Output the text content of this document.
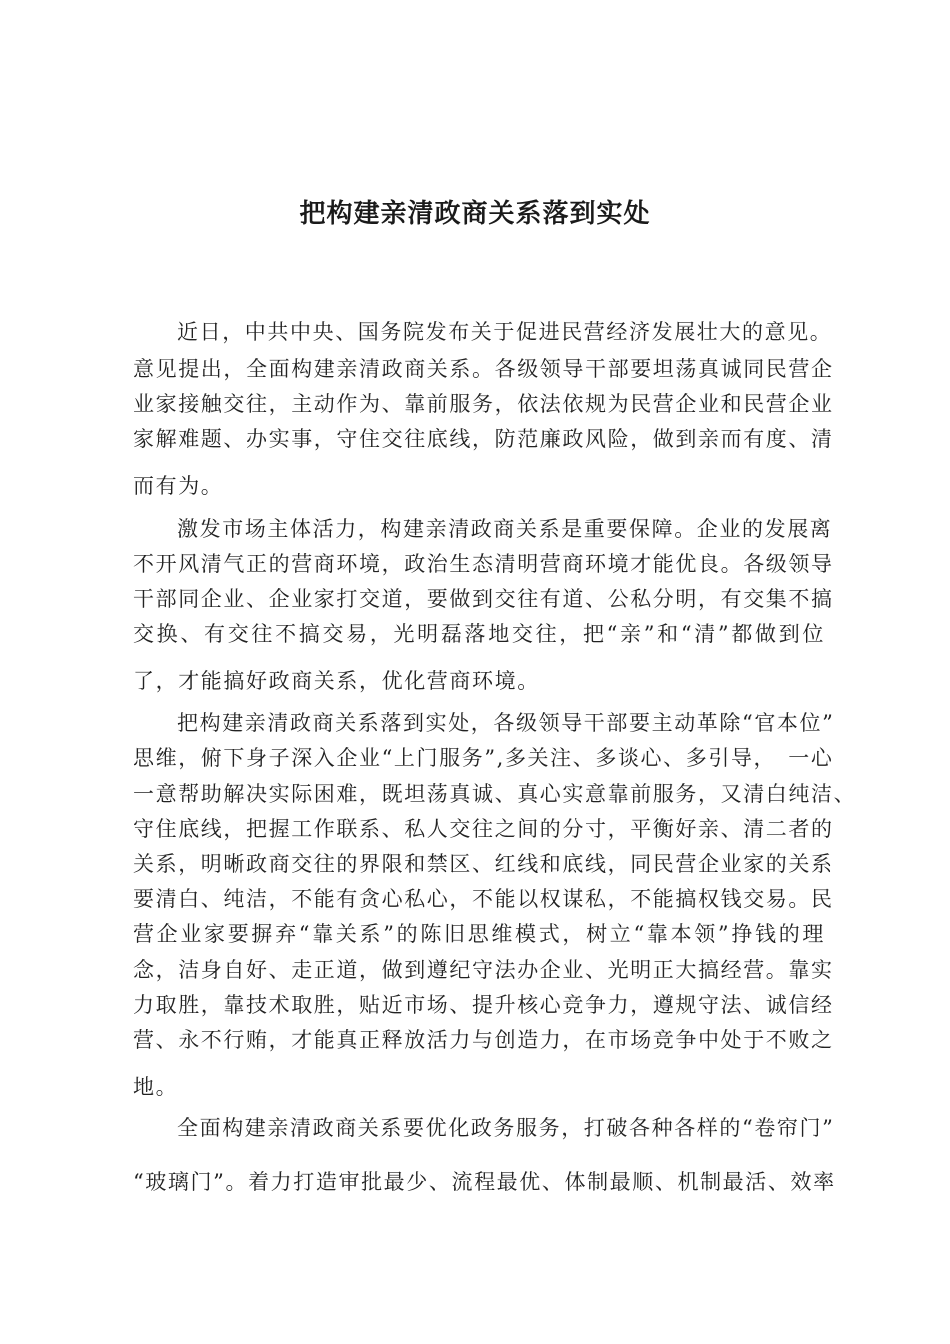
把构建亲清政商关系落到实处
近日，中共中央、国务院发布关于促进民营经济发展壮大的意见。
意见提出，全面构建亲清政商关系。各级领导干部要坦荡真诚同民营企
业家接触交往，主动作为、靠前服务，依法依规为民营企业和民营企业
家解难题、办实事，守住交往底线，防范廉政风险，做到亲而有度、清
而有为。
激发市场主体活力，构建亲清政商关系是重要保障。企业的发展离
不开风清气正的营商环境，政治生态清明营商环境才能优良。各级领导
干部同企业、企业家打交道，要做到交往有道、公私分明，有交集不搞
交换、有交往不搞交易，光明磊落地交往，把“亲”和“清”都做到位
了，才能搞好政商关系，优化营商环境。
把构建亲清政商关系落到实处，各级领导干部要主动革除“官本位”
思维，俯下身子深入企业“上门服务”,多关注、多谈心、多引导，　一心
一意帮助解决实际困难，既坦荡真诚、真心实意靠前服务，又清白纯洁、
守住底线，把握工作联系、私人交往之间的分寸，平衡好亲、清二者的
关系，明晰政商交往的界限和禁区、红线和底线，同民营企业家的关系
要清白、纯洁，不能有贪心私心，不能以权谋私，不能搞权钱交易。民
营企业家要摒弃“靠关系”的陈旧思维模式，树立“靠本领”挣钱的理
念，洁身自好、走正道，做到遵纪守法办企业、光明正大搞经营。靠实
力取胜，靠技术取胜，贴近市场、提升核心竞争力，遵规守法、诚信经
营、永不行贿，才能真正释放活力与创造力，在市场竞争中处于不败之
地。
全面构建亲清政商关系要优化政务服务，打破各种各样的“卷帘门”
“玻璃门”。着力打造审批最少、流程最优、体制最顺、机制最活、效率
